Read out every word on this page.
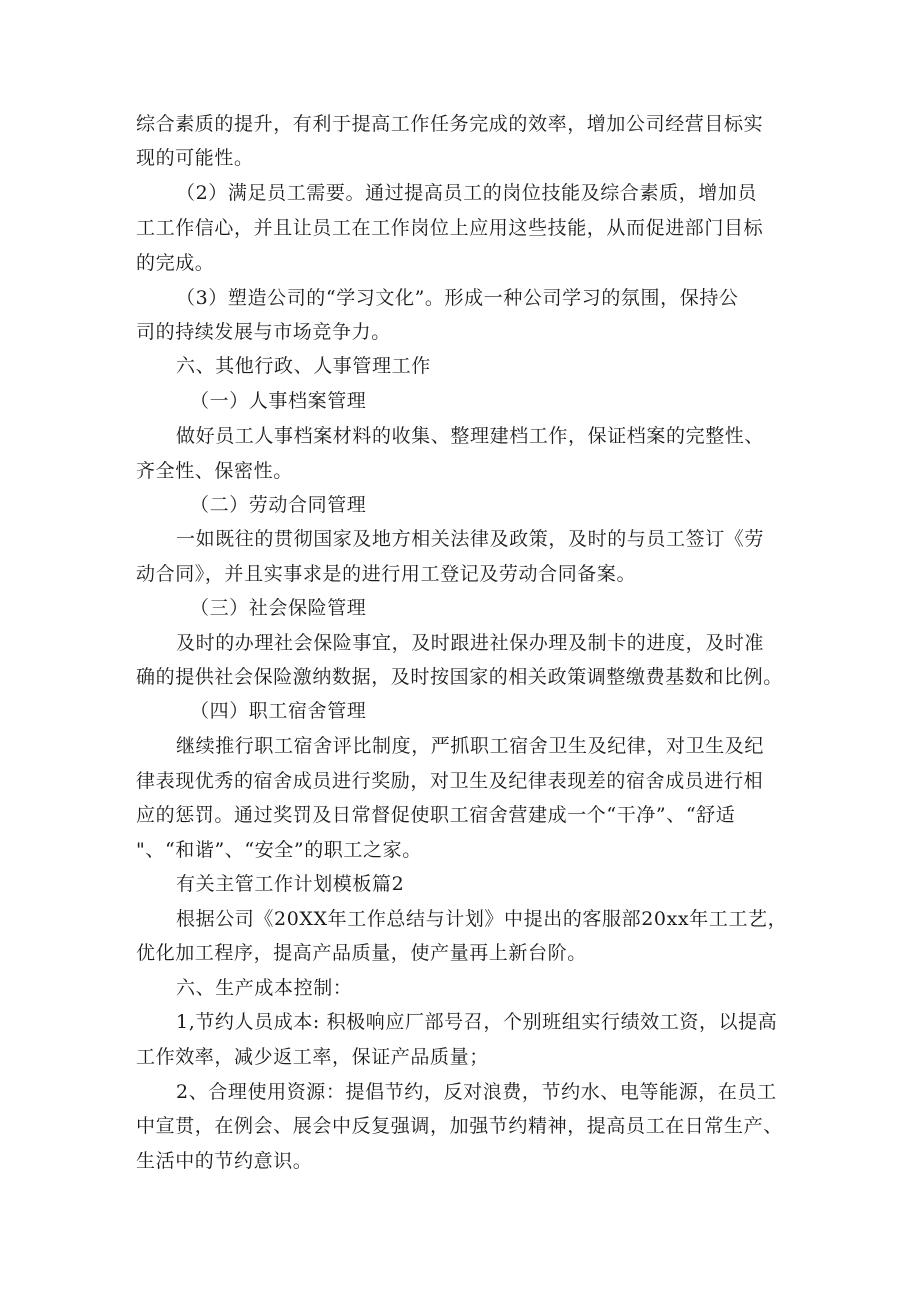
综合素质的提升，有利于提高工作任务完成的效率，增加公司经营目标实
现的可能性。
（2）满足员工需要。通过提高员工的岗位技能及综合素质，增加员
工工作信心，并且让员工在工作岗位上应用这些技能，从而促进部门目标
的完成。
（3）塑造公司的“学习文化”。形成一种公司学习的氛围，保持公
司的持续发展与市场竞争力。
六、其他行政、人事管理工作
（一）人事档案管理
做好员工人事档案材料的收集、整理建档工作，保证档案的完整性、
齐全性、保密性。
（二）劳动合同管理
一如既往的贯彻国家及地方相关法律及政策，及时的与员工签订《劳
动合同》，并且实事求是的进行用工登记及劳动合同备案。
（三）社会保险管理
及时的办理社会保险事宜，及时跟进社保办理及制卡的进度，及时准
确的提供社会保险激纳数据，及时按国家的相关政策调整缴费基数和比例。
（四）职工宿舍管理
继续推行职工宿舍评比制度，严抓职工宿舍卫生及纪律，对卫生及纪
律表现优秀的宿舍成员进行奖励，对卫生及纪律表现差的宿舍成员进行相
应的惩罚。通过奖罚及日常督促使职工宿舍营建成一个“干净”、“舒适
"、“和谐”、“安全”的职工之家。
有关主管工作计划模板篇2
根据公司《20XX年工作总结与计划》中提出的客服部20xx年工工艺，
优化加工程序，提高产品质量，使产量再上新台阶。
六、生产成本控制：
1,节约人员成本: 积极响应厂部号召，个别班组实行绩效工资，以提高
工作效率，减少返工率，保证产品质量；
2、合理使用资源：提倡节约，反对浪费，节约水、电等能源，在员工
中宣贯，在例会、展会中反复强调，加强节约精神，提高员工在日常生产、
生活中的节约意识。
